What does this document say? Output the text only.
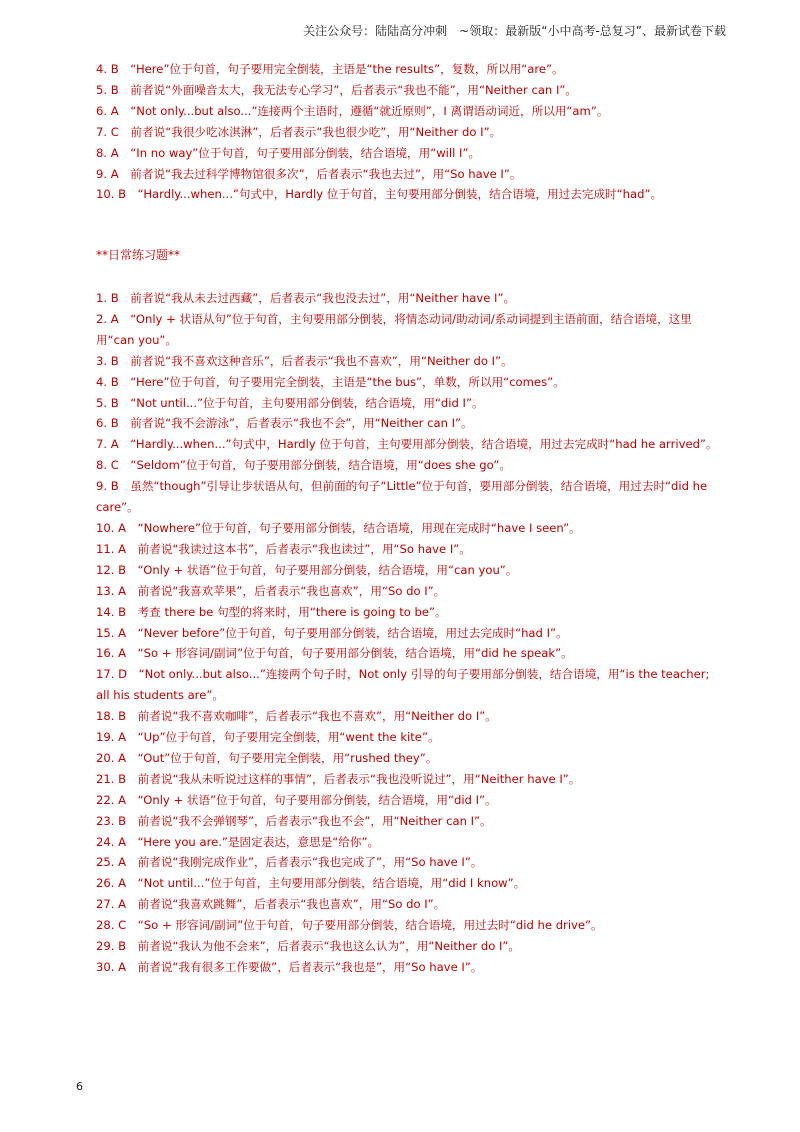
关注公众号：陆陆高分冲刺　~领取：最新版“小中高考-总复习”、最新试卷下载

4. B　“Here”位于句首，句子要用完全倒装，主语是“the results”，复数，所以用“are”。

5. B　前者说“外面噪音太大，我无法专心学习”，后者表示“我也不能”，用“Neither can I”。

6. A　“Not only...but also...”连接两个主语时，遵循“就近原则”，I 离谓语动词近，所以用“am”。

7. C　前者说“我很少吃冰淇淋”，后者表示“我也很少吃”，用“Neither do I”。

8. A　“In no way”位于句首，句子要用部分倒装，结合语境，用“will I”。

9. A　前者说“我去过科学博物馆很多次”，后者表示“我也去过”，用“So have I”。

10. B　“Hardly...when...”句式中，Hardly 位于句首，主句要用部分倒装，结合语境，用过去完成时“had”。

**日常练习题**

1. B　前者说“我从未去过西藏”，后者表示“我也没去过”，用“Neither have I”。

2. A　“Only + 状语从句”位于句首，主句要用部分倒装，将情态动词/助动词/系动词提到主语前面，结合语境，这里用“can you”。

3. B　前者说“我不喜欢这种音乐”，后者表示“我也不喜欢”，用“Neither do I”。

4. B　“Here”位于句首，句子要用完全倒装，主语是“the bus”，单数，所以用“comes”。

5. B　“Not until...”位于句首，主句要用部分倒装，结合语境，用“did I”。

6. B　前者说“我不会游泳”，后者表示“我也不会”，用“Neither can I”。

7. A　“Hardly...when...”句式中，Hardly 位于句首，主句要用部分倒装，结合语境，用过去完成时“had he arrived”。

8. C　“Seldom”位于句首，句子要用部分倒装，结合语境，用“does she go”。

9. B　虽然“though”引导让步状语从句，但前面的句子“Little”位于句首，要用部分倒装，结合语境，用过去时“did he care”。

10. A　“Nowhere”位于句首，句子要用部分倒装，结合语境，用现在完成时“have I seen”。

11. A　前者说“我读过这本书”，后者表示“我也读过”，用“So have I”。

12. B　“Only + 状语”位于句首，句子要用部分倒装，结合语境，用“can you”。

13. A　前者说“我喜欢苹果”，后者表示“我也喜欢”，用“So do I”。

14. B　考查 there be 句型的将来时，用“there is going to be”。

15. A　“Never before”位于句首，句子要用部分倒装，结合语境，用过去完成时“had I”。

16. A　“So + 形容词/副词”位于句首，句子要用部分倒装，结合语境，用“did he speak”。

17. D　“Not only...but also...”连接两个句子时，Not only 引导的句子要用部分倒装，结合语境，用“is the teacher; all his students are”。

18. B　前者说“我不喜欢咖啡”，后者表示“我也不喜欢”，用“Neither do I”。

19. A　“Up”位于句首，句子要用完全倒装，用“went the kite”。

20. A　“Out”位于句首，句子要用完全倒装，用“rushed they”。

21. B　前者说“我从未听说过这样的事情”，后者表示“我也没听说过”，用“Neither have I”。

22. A　“Only + 状语”位于句首，句子要用部分倒装，结合语境，用“did I”。

23. B　前者说“我不会弹钢琴”，后者表示“我也不会”，用“Neither can I”。

24. A　“Here you are.”是固定表达，意思是“给你”。

25. A　前者说“我刚完成作业”，后者表示“我也完成了”，用“So have I”。

26. A　“Not until...”位于句首，主句要用部分倒装，结合语境，用“did I know”。

27. A　前者说“我喜欢跳舞”，后者表示“我也喜欢”，用“So do I”。

28. C　“So + 形容词/副词”位于句首，句子要用部分倒装，结合语境，用过去时“did he drive”。

29. B　前者说“我认为他不会来”，后者表示“我也这么认为”，用“Neither do I”。

30. A　前者说“我有很多工作要做”，后者表示“我也是”，用“So have I”。

6
